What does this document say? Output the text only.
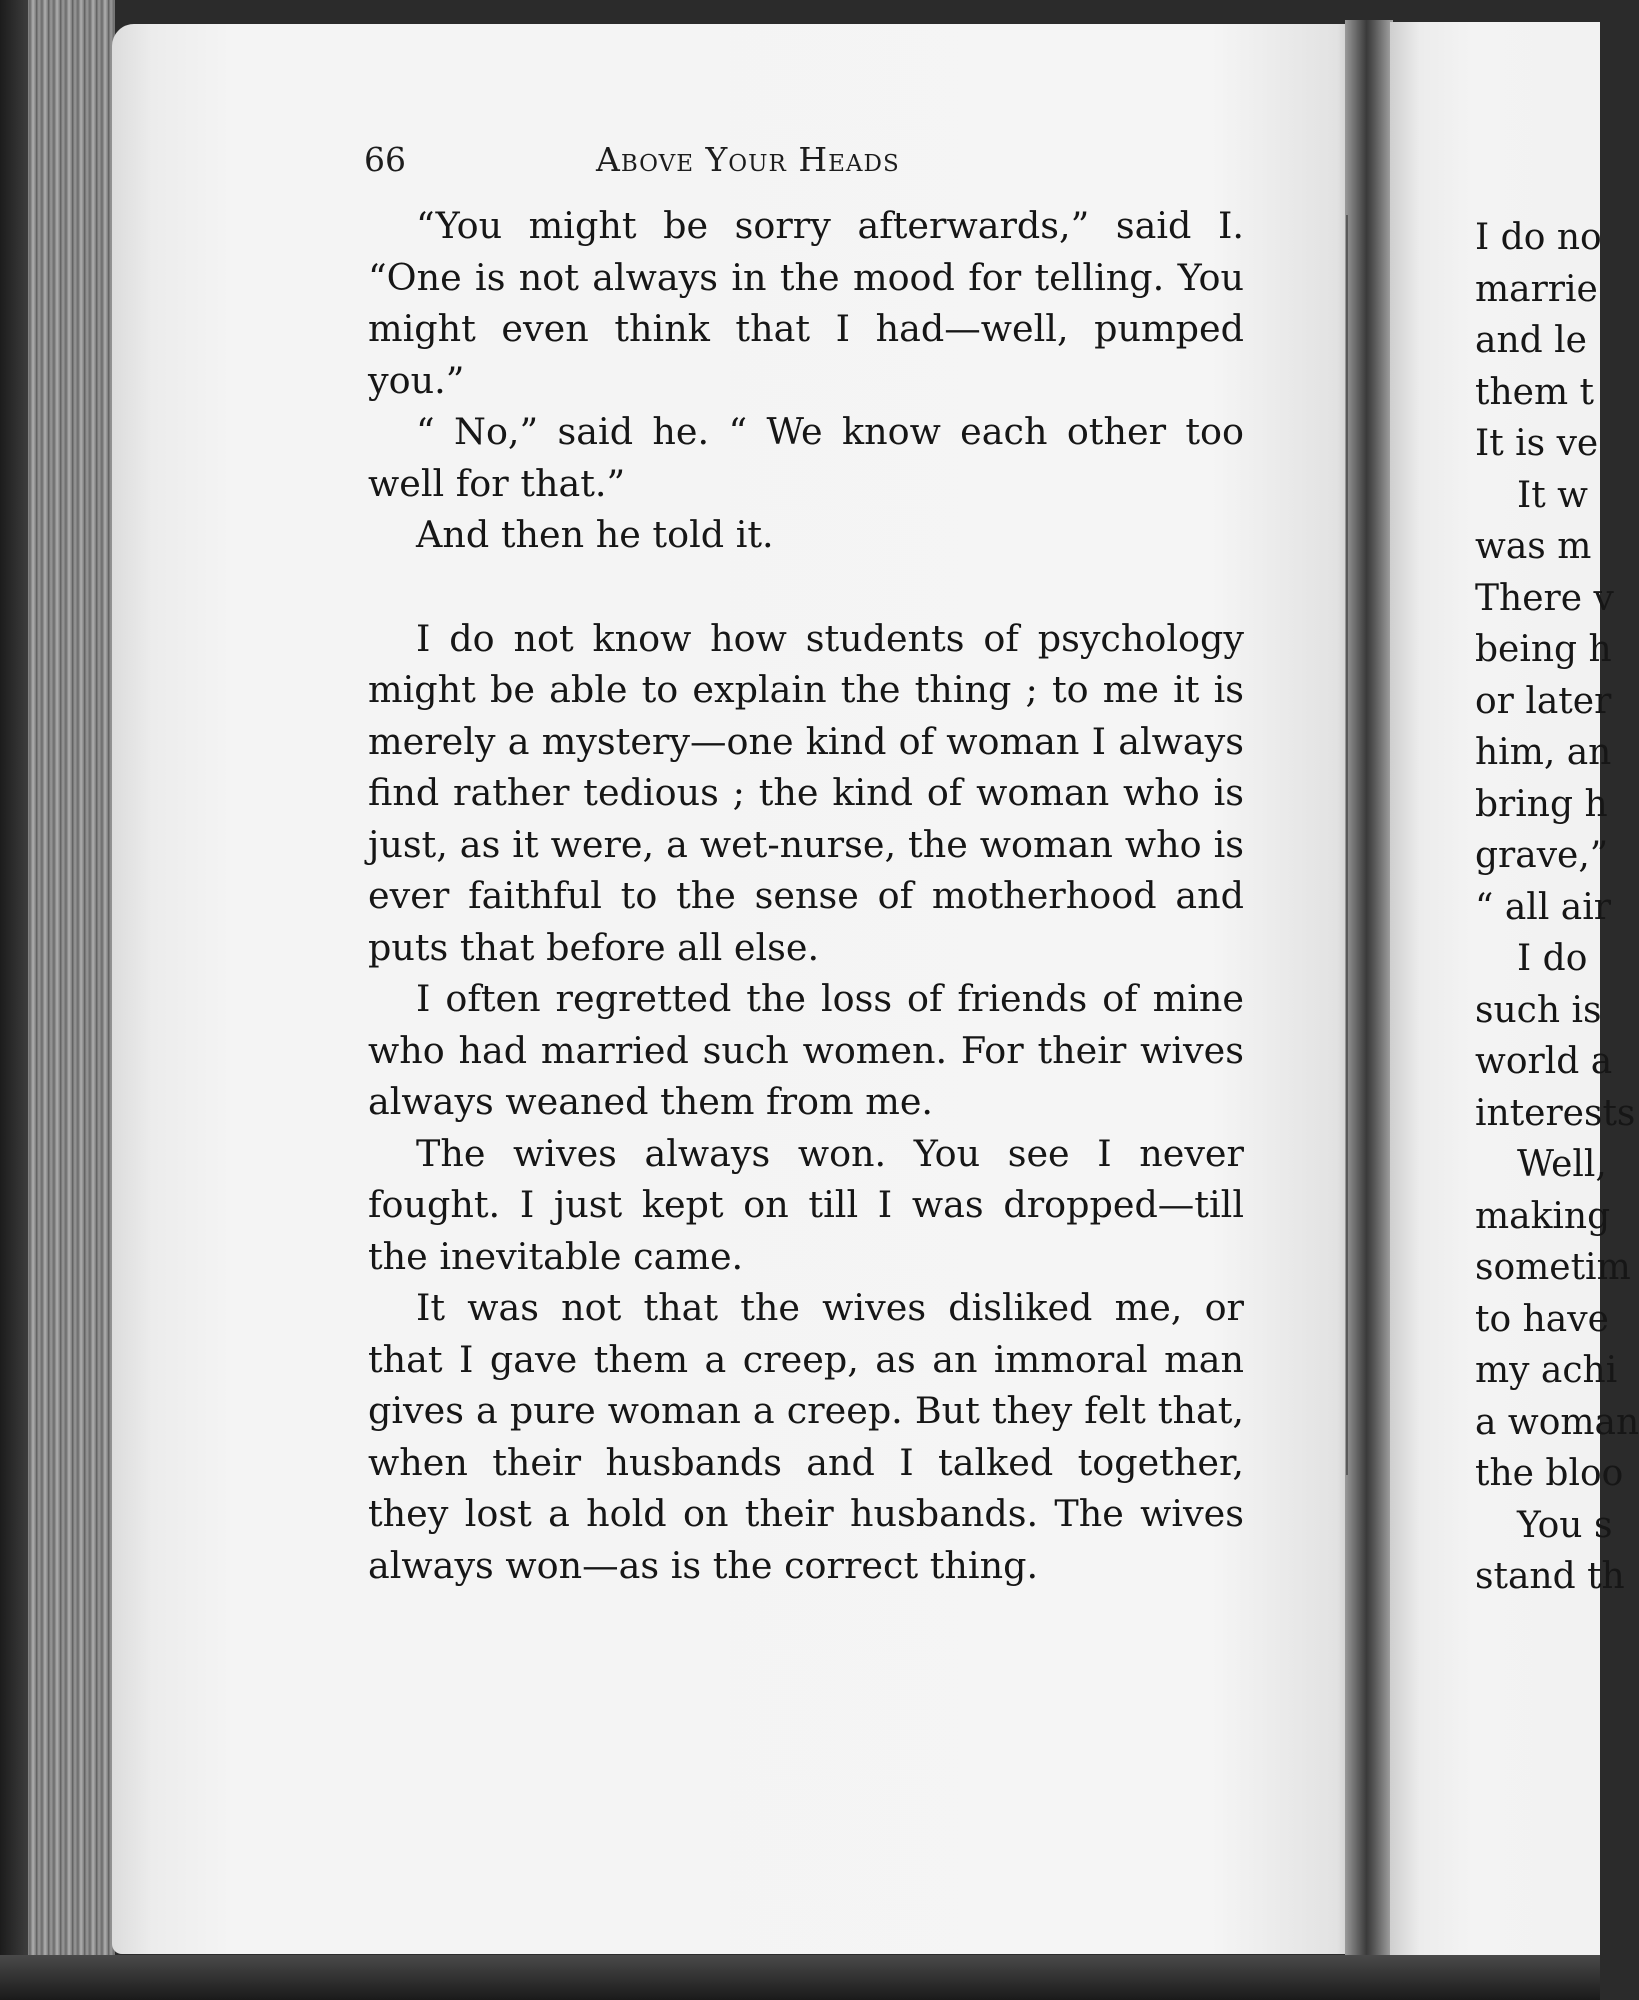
66	Above Your Heads

“You might be sorry afterwards,” said I. “One is not always in the mood for telling. You might even think that I had—well, pumped you.”

“ No,” said he. “ We know each other too well for that.”

And then he told it.

I do not know how students of psychology might be able to explain the thing ; to me it is merely a mystery—one kind of woman I always find rather tedious ; the kind of woman who is just, as it were, a wet-nurse, the woman who is ever faithful to the sense of motherhood and puts that before all else.

I often regretted the loss of friends of mine who had married such women. For their wives always weaned them from me.

The wives always won. You see I never fought. I just kept on till I was dropped—till the inevitable came.

It was not that the wives disliked me, or that I gave them a creep, as an immoral man gives a pure woman a creep. But they felt that, when their husbands and I talked together, they lost a hold on their husbands. The wives always won—as is the correct thing.

I do no
marrie
and le
them t
It is ve
It w
was m
There v
being h
or later
him, an
bring h
grave,”
“ all air
I do
such is
world a
interests
Well,
making
sometim
to have
my achi
a woman
the bloo
You s
stand th
